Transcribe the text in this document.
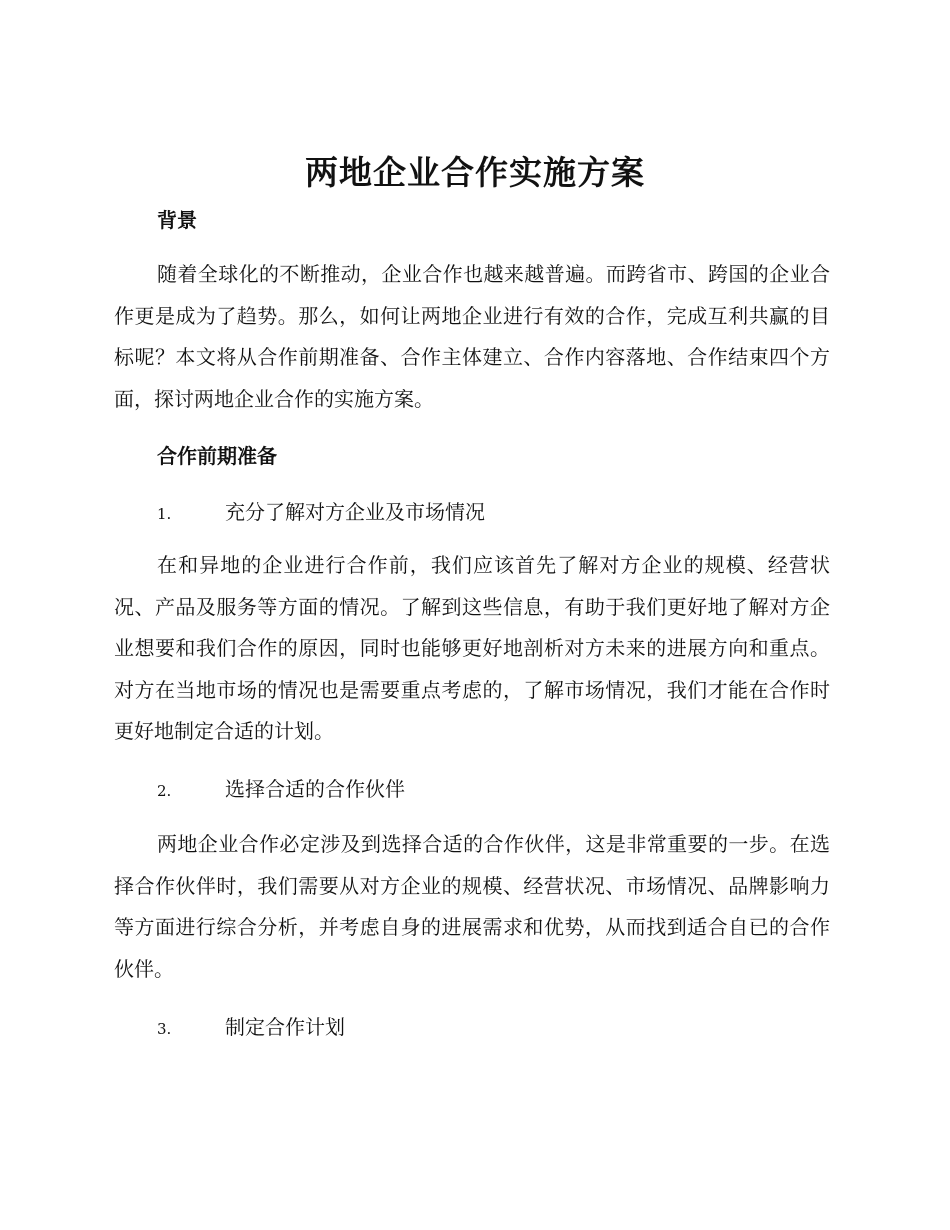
两地企业合作实施方案
背景

随着全球化的不断推动，企业合作也越来越普遍。而跨省市、跨国的企业合作更是成为了趋势。那么，如何让两地企业进行有效的合作，完成互利共赢的目标呢？本文将从合作前期准备、合作主体建立、合作内容落地、合作结束四个方面，探讨两地企业合作的实施方案。

合作前期准备
1.	充分了解对方企业及市场情况

在和异地的企业进行合作前，我们应该首先了解对方企业的规模、经营状况、产品及服务等方面的情况。了解到这些信息，有助于我们更好地了解对方企业想要和我们合作的原因，同时也能够更好地剖析对方未来的进展方向和重点。对方在当地市场的情况也是需要重点考虑的，了解市场情况，我们才能在合作时更好地制定合适的计划。

2.	选择合适的合作伙伴

两地企业合作必定涉及到选择合适的合作伙伴，这是非常重要的一步。在选择合作伙伴时，我们需要从对方企业的规模、经营状况、市场情况、品牌影响力等方面进行综合分析，并考虑自身的进展需求和优势，从而找到适合自已的合作伙伴。

3.	制定合作计划
